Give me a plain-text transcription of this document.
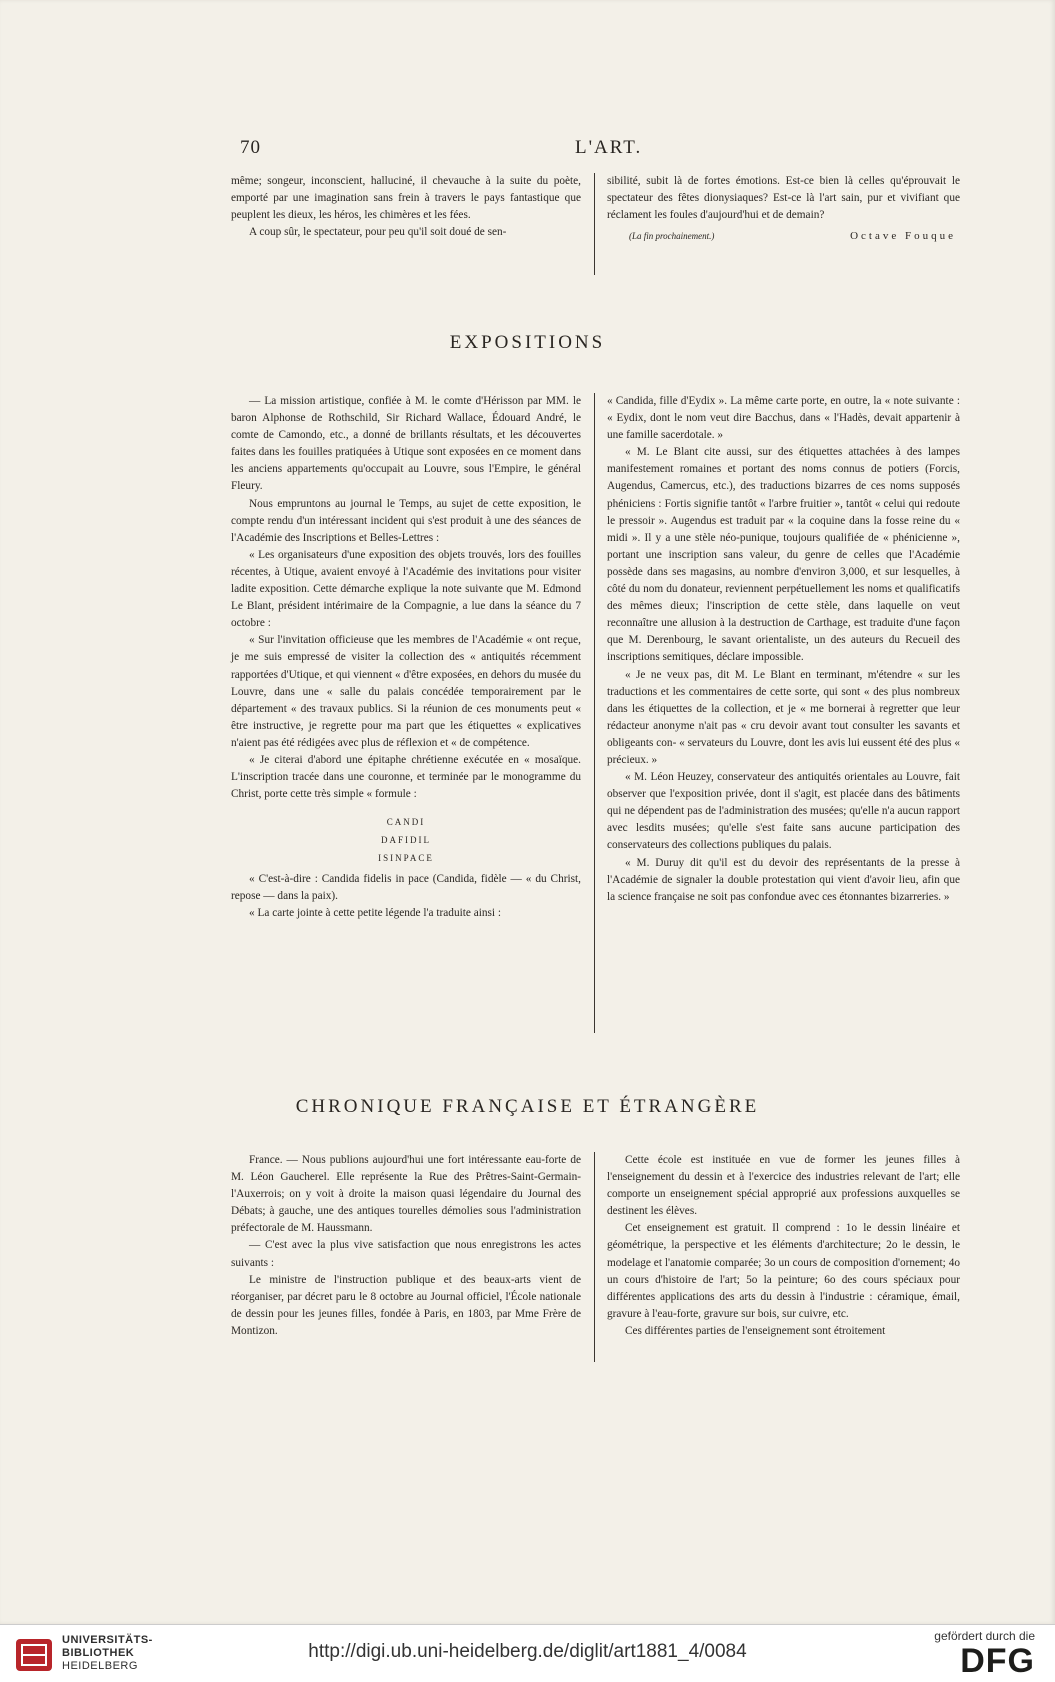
70	L'ART.

même; songeur, inconscient, halluciné, il chevauche à la suite du poète, emporté par une imagination sans frein à travers le pays fantastique que peuplent les dieux, les héros, les chimères et les fées.

A coup sûr, le spectateur, pour peu qu'il soit doué de sen-

sibilité, subit là de fortes émotions. Est-ce bien là celles qu'éprouvait le spectateur des fêtes dionysiaques? Est-ce là l'art sain, pur et vivifiant que réclament les foules d'aujourd'hui et de demain?

(La fin prochainement.)	Octave Fouque
EXPOSITIONS

— La mission artistique, confiée à M. le comte d'Hérisson par MM. le baron Alphonse de Rothschild, Sir Richard Wallace, Édouard André, le comte de Camondo, etc., a donné de brillants résultats, et les découvertes faites dans les fouilles pratiquées à Utique sont exposées en ce moment dans les anciens appartements qu'occupait au Louvre, sous l'Empire, le général Fleury.

Nous empruntons au journal le Temps, au sujet de cette exposition, le compte rendu d'un intéressant incident qui s'est produit à une des séances de l'Académie des Inscriptions et Belles-Lettres :

« Les organisateurs d'une exposition des objets trouvés, lors des fouilles récentes, à Utique, avaient envoyé à l'Académie des invitations pour visiter ladite exposition. Cette démarche explique la note suivante que M. Edmond Le Blant, président intérimaire de la Compagnie, a lue dans la séance du 7 octobre :

« Sur l'invitation officieuse que les membres de l'Académie « ont reçue, je me suis empressé de visiter la collection des « antiquités récemment rapportées d'Utique, et qui viennent « d'être exposées, en dehors du musée du Louvre, dans une « salle du palais concédée temporairement par le département « des travaux publics. Si la réunion de ces monuments peut « être instructive, je regrette pour ma part que les étiquettes « explicatives n'aient pas été rédigées avec plus de réflexion et « de compétence.

« Je citerai d'abord une épitaphe chrétienne exécutée en « mosaïque. L'inscription tracée dans une couronne, et terminée par le monogramme du Christ, porte cette très simple « formule :

CANDI
DAFIDIL
ISINPACE

« C'est-à-dire : Candida fidelis in pace (Candida, fidèle — « du Christ, repose — dans la paix).

« La carte jointe à cette petite légende l'a traduite ainsi :

« Candida, fille d'Eydix ». La même carte porte, en outre, la « note suivante : « Eydix, dont le nom veut dire Bacchus, dans « l'Hadès, devait appartenir à une famille sacerdotale. »

« M. Le Blant cite aussi, sur des étiquettes attachées à des lampes manifestement romaines et portant des noms connus de potiers (Forcis, Augendus, Camercus, etc.), des traductions bizarres de ces noms supposés phéniciens : Fortis signifie tantôt « l'arbre fruitier », tantôt « celui qui redoute le pressoir ». Augendus est traduit par « la coquine dans la fosse reine du « midi ». Il y a une stèle néo-punique, toujours qualifiée de « phénicienne », portant une inscription sans valeur, du genre de celles que l'Académie possède dans ses magasins, au nombre d'environ 3,000, et sur lesquelles, à côté du nom du donateur, reviennent perpétuellement les noms et qualificatifs des mêmes dieux; l'inscription de cette stèle, dans laquelle on veut reconnaître une allusion à la destruction de Carthage, est traduite d'une façon que M. Derenbourg, le savant orientaliste, un des auteurs du Recueil des inscriptions semitiques, déclare impossible.

« Je ne veux pas, dit M. Le Blant en terminant, m'étendre « sur les traductions et les commentaires de cette sorte, qui sont « des plus nombreux dans les étiquettes de la collection, et je « me bornerai à regretter que leur rédacteur anonyme n'ait pas « cru devoir avant tout consulter les savants et obligeants con- « servateurs du Louvre, dont les avis lui eussent été des plus « précieux. »

« M. Léon Heuzey, conservateur des antiquités orientales au Louvre, fait observer que l'exposition privée, dont il s'agit, est placée dans des bâtiments qui ne dépendent pas de l'administration des musées; qu'elle n'a aucun rapport avec lesdits musées; qu'elle s'est faite sans aucune participation des conservateurs des collections publiques du palais.

« M. Duruy dit qu'il est du devoir des représentants de la presse à l'Académie de signaler la double protestation qui vient d'avoir lieu, afin que la science française ne soit pas confondue avec ces étonnantes bizarreries. »

CHRONIQUE FRANÇAISE ET ÉTRANGÈRE

France. — Nous publions aujourd'hui une fort intéressante eau-forte de M. Léon Gaucherel. Elle représente la Rue des Prêtres-Saint-Germain-l'Auxerrois; on y voit à droite la maison quasi légendaire du Journal des Débats; à gauche, une des antiques tourelles démolies sous l'administration préfectorale de M. Haussmann.

— C'est avec la plus vive satisfaction que nous enregistrons les actes suivants :

Le ministre de l'instruction publique et des beaux-arts vient de réorganiser, par décret paru le 8 octobre au Journal officiel, l'École nationale de dessin pour les jeunes filles, fondée à Paris, en 1803, par Mme Frère de Montizon.

Cette école est instituée en vue de former les jeunes filles à l'enseignement du dessin et à l'exercice des industries relevant de l'art; elle comporte un enseignement spécial approprié aux professions auxquelles se destinent les élèves.

Cet enseignement est gratuit. Il comprend : 1o le dessin linéaire et géométrique, la perspective et les éléments d'architecture; 2o le dessin, le modelage et l'anatomie comparée; 3o un cours de composition d'ornement; 4o un cours d'histoire de l'art; 5o la peinture; 6o des cours spéciaux pour différentes applications des arts du dessin à l'industrie : céramique, émail, gravure à l'eau-forte, gravure sur bois, sur cuivre, etc.

Ces différentes parties de l'enseignement sont étroitement

UNIVERSITÄTS-
BIBLIOTHEK
HEIDELBERG
http://digi.ub.uni-heidelberg.de/diglit/art1881_4/0084
gefördert durch die
DFG
